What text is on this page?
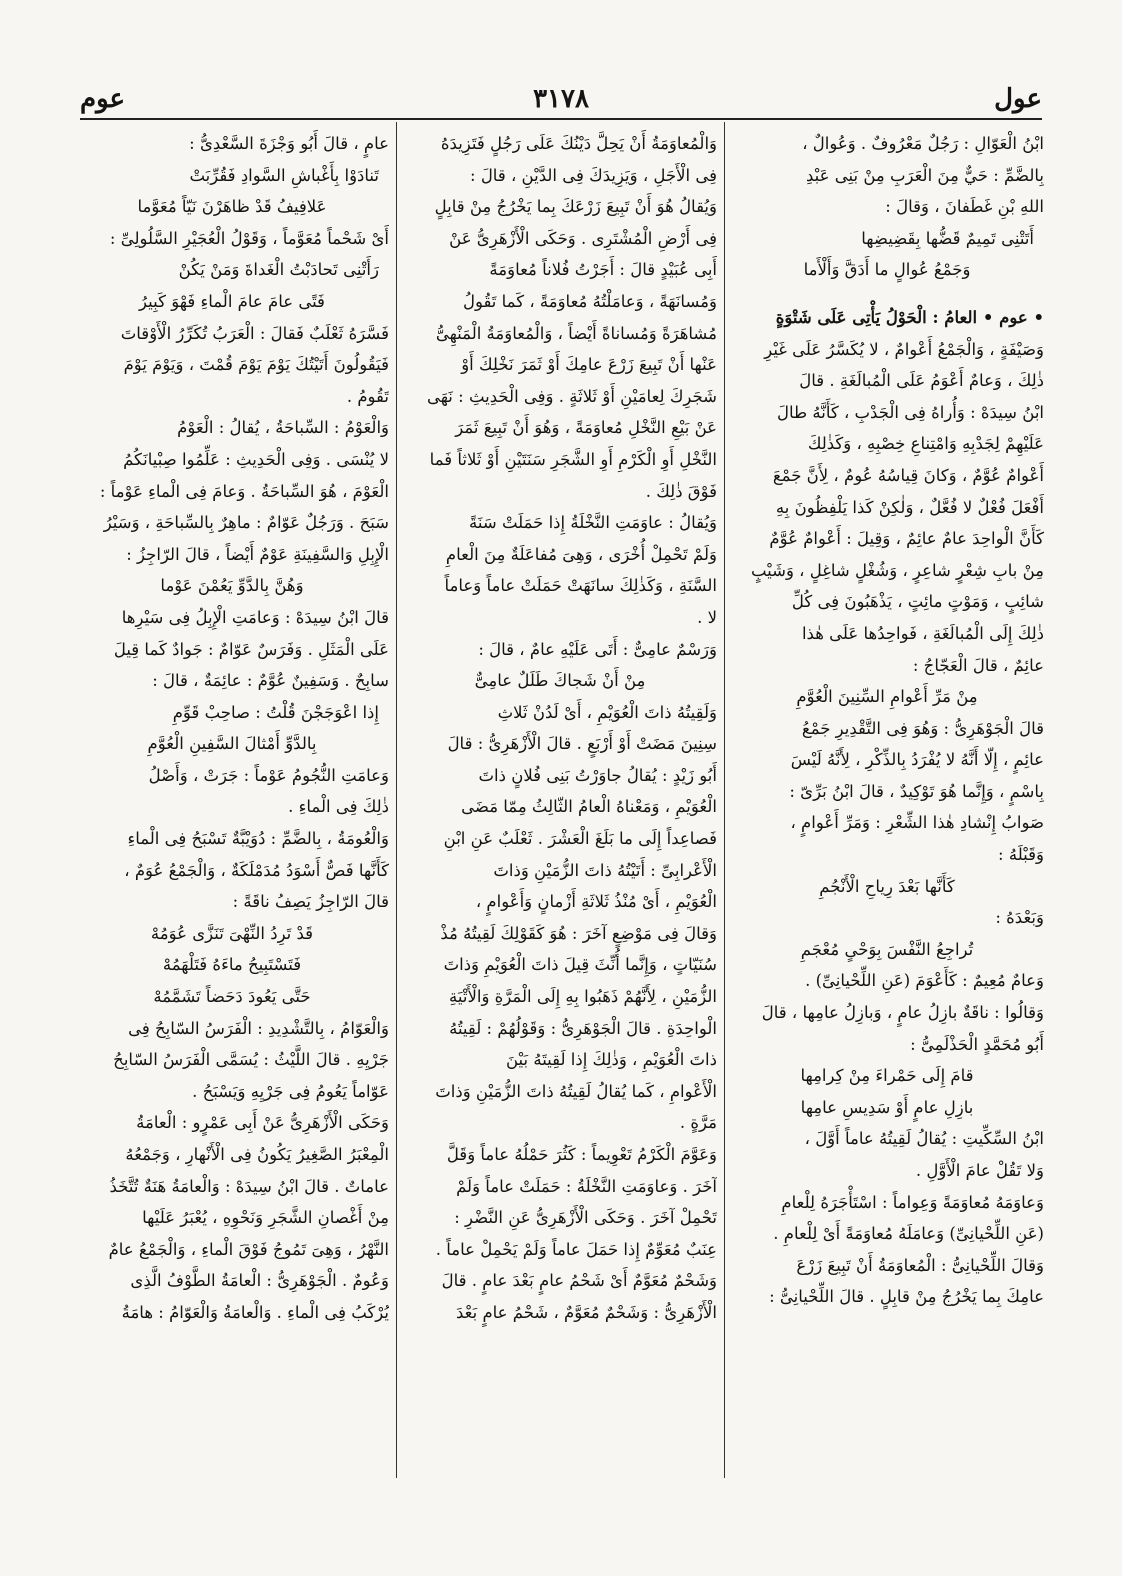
عول
٣١٧٨
عوم

ابْنُ الْعَوّالِ : رَجُلٌ مَعْرُوفٌ . وَعُوالٌ ،

بِالضَّمِّ : حَيٌّ مِنَ الْعَرَبِ مِنْ بَنِى عَبْدِ

اللهِ بْنِ غَطَفانَ ، وَقالَ :

أَتَتْنِى تَمِيمٌ قَضُّها بِقَضِيضِها

وَجَمْعُ عُوالٍ ما أَدَقَّ وَأَلْأَما

• عوم • العامُ : الْحَوْلُ يَأْتِى عَلَى شَتْوَةٍ

وَصَيْفَةٍ ، وَالْجَمْعُ أَعْوامٌ ، لا يُكَسَّرُ عَلَى غَيْرِ

ذٰلِكَ ، وَعامٌ أَعْوَمُ عَلَى الْمُبالَغَةِ . قالَ

ابْنُ سِيدَهْ : وَأُراهُ فِى الْجَدْبِ ، كَأَنَّهُ طالَ

عَلَيْهِمْ لِجَدْبِهِ وَامْتِناعِ خِصْبِهِ ، وَكَذٰلِكَ

أَعْوامٌ عُوَّمٌ ، وَكانَ قِياسُهُ عُومٌ ، لِأَنَّ جَمْعَ

أَفْعَلَ فُعْلٌ لا فُعَّلٌ ، وَلٰكِنْ كَذا يَلْفِظُونَ بِهِ

كَأَنَّ الْواحِدَ عامٌ عائِمٌ ، وَقِيلَ : أَعْوامٌ عُوَّمٌ

مِنْ بابِ شِعْرٍ شاعِرٍ ، وَشُغْلٍ شاغِلٍ ، وَشَيْبٍ

شائِبٍ ، وَمَوْتٍ مائِتٍ ، يَذْهَبُونَ فِى كُلِّ

ذٰلِكَ إِلَى الْمُبالَغَةِ ، فَواحِدُها عَلَى هٰذا

عائِمٌ ، قالَ الْعَجّاجُ :

مِنْ مَرِّ أَعْوامِ السِّنِينَ الْعُوَّمِ

قالَ الْجَوْهَرِىُّ : وَهُوَ فِى التَّقْدِيرِ جَمْعُ

عائِمٍ ، إِلّا أَنَّهُ لا يُفْرَدُ بِالذِّكْرِ ، لِأَنَّهُ لَيْسَ

بِاسْمٍ ، وَإِنَّما هُوَ تَوْكِيدٌ ، قالَ ابْنُ بَرِّىّ :

صَوابُ إِنْشادِ هٰذا الشِّعْرِ : وَمَرِّ أَعْوامٍ ،

وَقَبْلَهُ :

كَأَنَّها بَعْدَ رِياحِ الْأَنْجُمِ

وَبَعْدَهُ :

تُراجِعُ النَّفْسَ بِوَحْىٍ مُعْجَمِ

وَعامٌ مُعِيمٌ : كَأَعْوَمَ (عَنِ اللِّحْيانِىِّ) .

وَقالُوا : ناقَةٌ بازِلُ عامٍ ، وَبازِلُ عامِها ، قالَ

أَبُو مُحَمَّدٍ الْحَذْلَمِىُّ :

قامَ إِلَى حَمْراءَ مِنْ كِرامِها

بازِلِ عامٍ أَوْ سَدِيسِ عامِها

ابْنُ السِّكِّيتِ : يُقالُ لَقِيتُهُ عاماً أَوَّلَ ،

وَلا تَقُلْ عامَ الْأَوَّلِ .

وَعاوَمَهُ مُعاوَمَةً وَعِواماً : اسْتَأْجَرَهُ لِلْعامِ

(عَنِ اللِّحْيانِىِّ) وَعامَلَهُ مُعاوَمَةً أَىْ لِلْعامِ .

وَقالَ اللِّحْيانِىُّ : الْمُعاوَمَةُ أَنْ تَبِيعَ زَرْعَ

عامِكَ بِما يَخْرُجُ مِنْ قابِلٍ . قالَ اللِّحْيانِىُّ :

وَالْمُعاوَمَةُ أَنْ يَحِلَّ دَيْنُكَ عَلَى رَجُلٍ فَتَزِيدَهُ

فِى الْأَجَلِ ، وَيَزِيدَكَ فِى الدَّيْنِ ، قالَ :

وَيُقالُ هُوَ أَنْ تَبِيعَ زَرْعَكَ بِما يَخْرُجُ مِنْ قابِلٍ

فِى أَرْضِ الْمُشْتَرِى . وَحَكَى الْأَزْهَرِىُّ عَنْ

أَبِى عُبَيْدٍ قالَ : أَجَرْتُ فُلاناً مُعاوَمَةً

وَمُسانَهَةً ، وَعامَلْتُهُ مُعاوَمَةً ، كَما تَقُولُ

مُشاهَرَةً وَمُساناةً أَيْضاً ، وَالْمُعاوَمَةُ الْمَنْهِىُّ

عَنْها أَنْ تَبِيعَ زَرْعَ عامِكَ أَوْ ثَمَرَ نَخْلِكَ أَوْ

شَجَرِكَ لِعامَيْنِ أَوْ ثَلاثَةٍ . وَفِى الْحَدِيثِ : نَهَى

عَنْ بَيْعِ النَّخْلِ مُعاوَمَةً ، وَهُوَ أَنْ تَبِيعَ ثَمَرَ

النَّخْلِ أَوِ الْكَرْمِ أَوِ الشَّجَرِ سَنَتَيْنِ أَوْ ثَلاثاً فَما

فَوْقَ ذٰلِكَ .

وَيُقالُ : عاوَمَتِ النَّخْلَةُ إِذا حَمَلَتْ سَنَةً

وَلَمْ تَحْمِلْ أُخْرَى ، وَهِىَ مُفاعَلَةٌ مِنَ الْعامِ

السَّنَةِ ، وَكَذٰلِكَ سانَهَتْ حَمَلَتْ عاماً وَعاماً

لا .

وَرَسْمٌ عامِىٌّ : أَتَى عَلَيْهِ عامٌ ، قالَ :

مِنْ أَنْ شَجاكَ طَلَلٌ عامِىٌّ

وَلَقِيتُهُ ذاتَ الْعُوَيْمِ ، أَىْ لَدُنْ ثَلاثِ

سِنِينَ مَضَتْ أَوْ أَرْبَعٍ . قالَ الْأَزْهَرِىُّ : قالَ

أَبُو زَيْدٍ : يُقالُ جاوَرْتُ بَنِى فُلانٍ ذاتَ

الْعُوَيْمِ ، وَمَعْناهُ الْعامُ الثّالِثُ مِمّا مَضَى

فَصاعِداً إِلَى ما بَلَغَ الْعَشْرَ . ثَعْلَبٌ عَنِ ابْنِ

الْأَعْرابِىِّ : أَتَيْتُهُ ذاتَ الزُّمَيْنِ وَذاتَ

الْعُوَيْمِ ، أَىْ مُنْذُ ثَلاثَةِ أَزْمانٍ وَأَعْوامٍ ،

وَقالَ فِى مَوْضِعٍ آخَرَ : هُوَ كَقَوْلِكَ لَقِيتُهُ مُذْ

سُنَيّاتٍ ، وَإِنَّما أُنِّثَ قِيلَ ذاتَ الْعُوَيْمِ وَذاتَ

الزُّمَيْنِ ، لِأَنَّهُمْ ذَهَبُوا بِهِ إِلَى الْمَرَّةِ وَالْأَتْيَةِ

الْواحِدَةِ . قالَ الْجَوْهَرِىُّ : وَقَوْلُهُمْ : لَقِيتُهُ

ذاتَ الْعُوَيْمِ ، وَذٰلِكَ إِذا لَقِيتَهُ بَيْنَ

الْأَعْوامِ ، كَما يُقالُ لَقِيتُهُ ذاتَ الزُّمَيْنِ وَذاتَ

مَرَّةٍ .

وَعَوَّمَ الْكَرْمُ تَعْوِيماً : كَثُرَ حَمْلُهُ عاماً وَقَلَّ

آخَرَ . وَعاوَمَتِ النَّخْلَةُ : حَمَلَتْ عاماً وَلَمْ

تَحْمِلْ آخَرَ . وَحَكَى الْأَزْهَرِىُّ عَنِ النَّضْرِ :

عِنَبٌ مُعَوِّمٌ إِذا حَمَلَ عاماً وَلَمْ يَحْمِلْ عاماً .

وَشَحْمٌ مُعَوَّمٌ أَىْ شَحْمُ عامٍ بَعْدَ عامٍ . قالَ

الْأَزْهَرِىُّ : وَشَحْمٌ مُعَوَّمٌ ، شَحْمُ عامٍ بَعْدَ

عامٍ ، قالَ أَبُو وَجْزَةَ السَّعْدِىُّ :

تَنادَوْا بِأَغْباشِ السَّوادِ فَقُرِّبَتْ

عَلافِيفُ قَدْ ظاهَرْنَ نَيّاً مُعَوَّما

أَىْ شَحْماً مُعَوَّماً ، وَقَوْلُ الْعُجَيْرِ السَّلُولِىِّ :

رَأَتْنِى تَحادَبْتُ الْغَداةَ وَمَنْ يَكُنْ

فَتًى عامَ عامَ الْماءِ فَهْوَ كَبِيرُ

فَسَّرَهُ ثَعْلَبٌ فَقالَ : الْعَرَبُ تُكَرِّرُ الْأَوْقاتَ

فَيَقُولُونَ أَتَيْتُكَ يَوْمَ يَوْمَ قُمْتَ ، وَيَوْمَ يَوْمَ

تَقُومُ .

وَالْعَوْمُ : السِّباحَةُ ، يُقالُ : الْعَوْمُ

لا يُنْسَى . وَفِى الْحَدِيثِ : عَلِّمُوا صِبْيانَكُمُ

الْعَوْمَ ، هُوَ السِّباحَةُ . وَعامَ فِى الْماءِ عَوْماً :

سَبَحَ . وَرَجُلٌ عَوّامٌ : ماهِرٌ بِالسِّباحَةِ ، وَسَيْرُ

الْإِبِلِ وَالسَّفِينَةِ عَوْمٌ أَيْضاً ، قالَ الرّاجِزُ :

وَهُنَّ بِالدَّوِّ يَعُمْنَ عَوْما

قالَ ابْنُ سِيدَهْ : وَعامَتِ الْإِبِلُ فِى سَيْرِها

عَلَى الْمَثَلِ . وَفَرَسٌ عَوّامٌ : جَوادٌ كَما قِيلَ

سابِحٌ . وَسَفِينٌ عُوَّمٌ : عائِمَةٌ ، قالَ :

إِذا اعْوَجَجْنَ قُلْتُ : صاحِبْ قَوِّمِ

بِالدَّوِّ أَمْثالَ السَّفِينِ الْعُوَّمِ

وَعامَتِ النُّجُومُ عَوْماً : جَرَتْ ، وَأَصْلُ

ذٰلِكَ فِى الْماءِ .

وَالْعُومَةُ ، بِالضَّمِّ : دُوَيْبَّةٌ تَسْبَحُ فِى الْماءِ

كَأَنَّها فَصٌّ أَسْوَدُ مُدَمْلَكَةٌ ، وَالْجَمْعُ عُوَمٌ ،

قالَ الرّاجِزُ يَصِفُ ناقَةً :

قَدْ تَرِدُ النِّهْىَ تَنَزَّى عُوَمُهْ

فَتَسْتَبِيحُ ماءَهُ فَتَلْهَمُهْ

حَتَّى يَعُودَ دَحَضاً تَشَمَّمُهْ

وَالْعَوّامُ ، بِالتَّشْدِيدِ : الْفَرَسُ السّابِحُ فِى

جَرْيِهِ . قالَ اللَّيْثُ : يُسَمَّى الْفَرَسُ السّابِحُ

عَوّاماً يَعُومُ فِى جَرْيِهِ وَيَسْبَحُ .

وَحَكَى الْأَزْهَرِىُّ عَنْ أَبِى عَمْرٍو : الْعامَةُ

الْمِعْبَرُ الصَّغِيرُ يَكُونُ فِى الْأَنْهارِ ، وَجَمْعُهُ

عاماتٌ . قالَ ابْنُ سِيدَهْ : وَالْعامَةُ هَنَةٌ تُتَّخَذُ

مِنْ أَغْصانِ الشَّجَرِ وَنَحْوِهِ ، يُعْبَرُ عَلَيْها

النَّهْرُ ، وَهِىَ تَمُوجُ فَوْقَ الْماءِ ، وَالْجَمْعُ عامٌ

وَعُومٌ . الْجَوْهَرِىُّ : الْعامَةُ الطَّوْفُ الَّذِى

يُرْكَبُ فِى الْماءِ . وَالْعامَةُ وَالْعَوّامُ : هامَةُ
